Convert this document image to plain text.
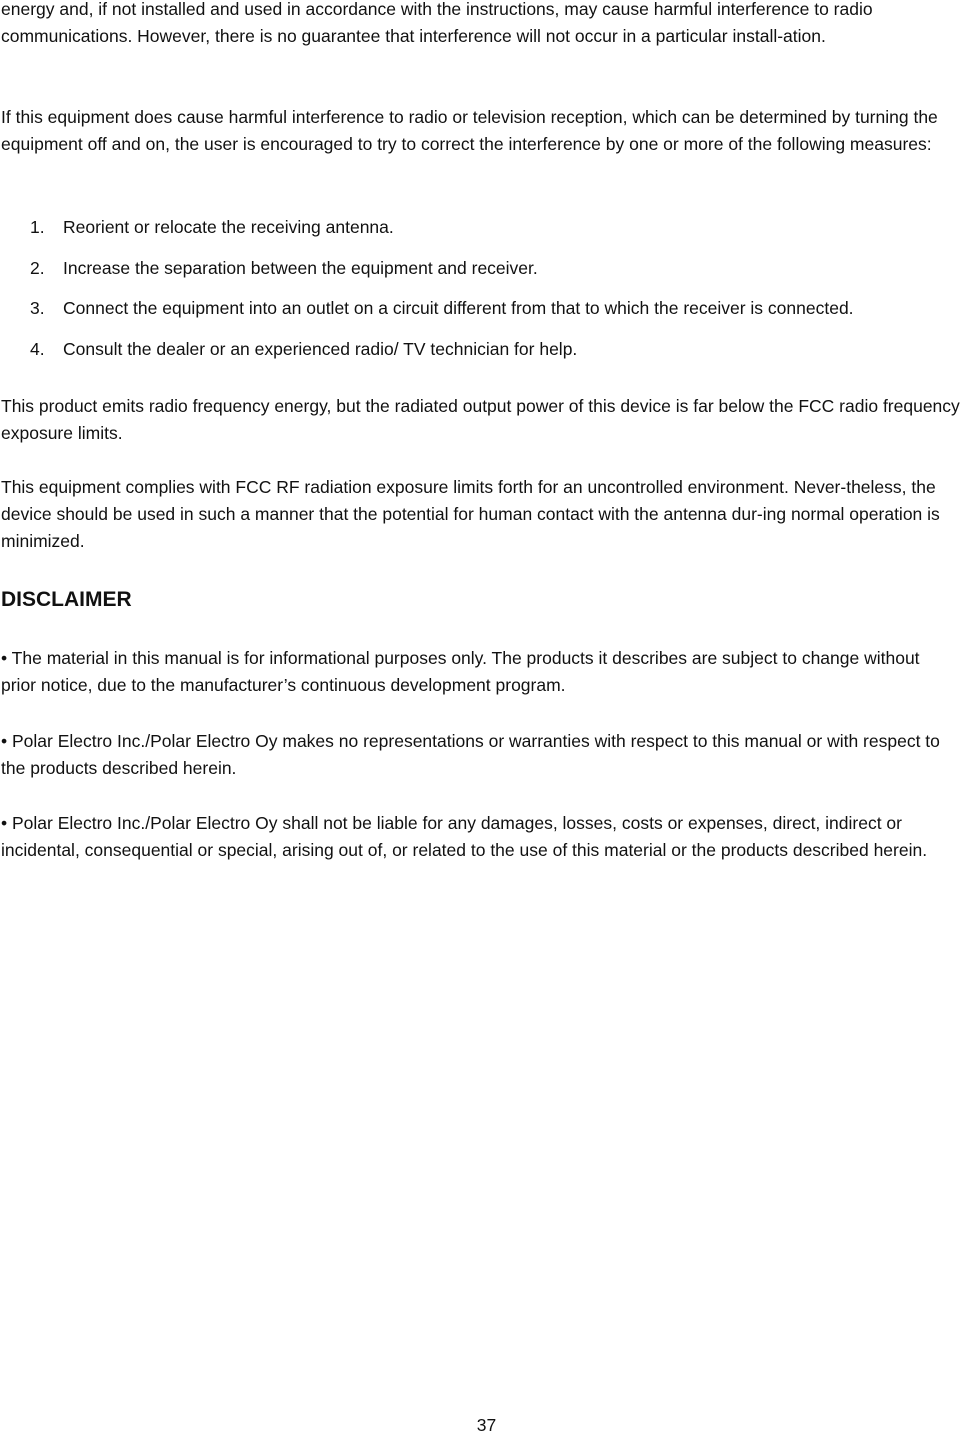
energy and, if not installed and used in accordance with the instructions, may cause harmful interference to radio communications. However, there is no guarantee that interference will not occur in a particular install-ation.

If this equipment does cause harmful interference to radio or television reception, which can be determined by turning the equipment off and on, the user is encouraged to try to correct the interference by one or more of the following measures:

1. Reorient or relocate the receiving antenna.
2. Increase the separation between the equipment and receiver.
3. Connect the equipment into an outlet on a circuit different from that to which the receiver is connected.
4. Consult the dealer or an experienced radio/ TV technician for help.

This product emits radio frequency energy, but the radiated output power of this device is far below the FCC radio frequency exposure limits.

This equipment complies with FCC RF radiation exposure limits forth for an uncontrolled environment. Never-theless, the device should be used in such a manner that the potential for human contact with the antenna dur-ing normal operation is minimized.

DISCLAIMER

• The material in this manual is for informational purposes only. The products it describes are subject to change without prior notice, due to the manufacturer’s continuous development program.

• Polar Electro Inc./Polar Electro Oy makes no representations or warranties with respect to this manual or with respect to the products described herein.

• Polar Electro Inc./Polar Electro Oy shall not be liable for any damages, losses, costs or expenses, direct, indirect or incidental, consequential or special, arising out of, or related to the use of this material or the products described herein.

37
